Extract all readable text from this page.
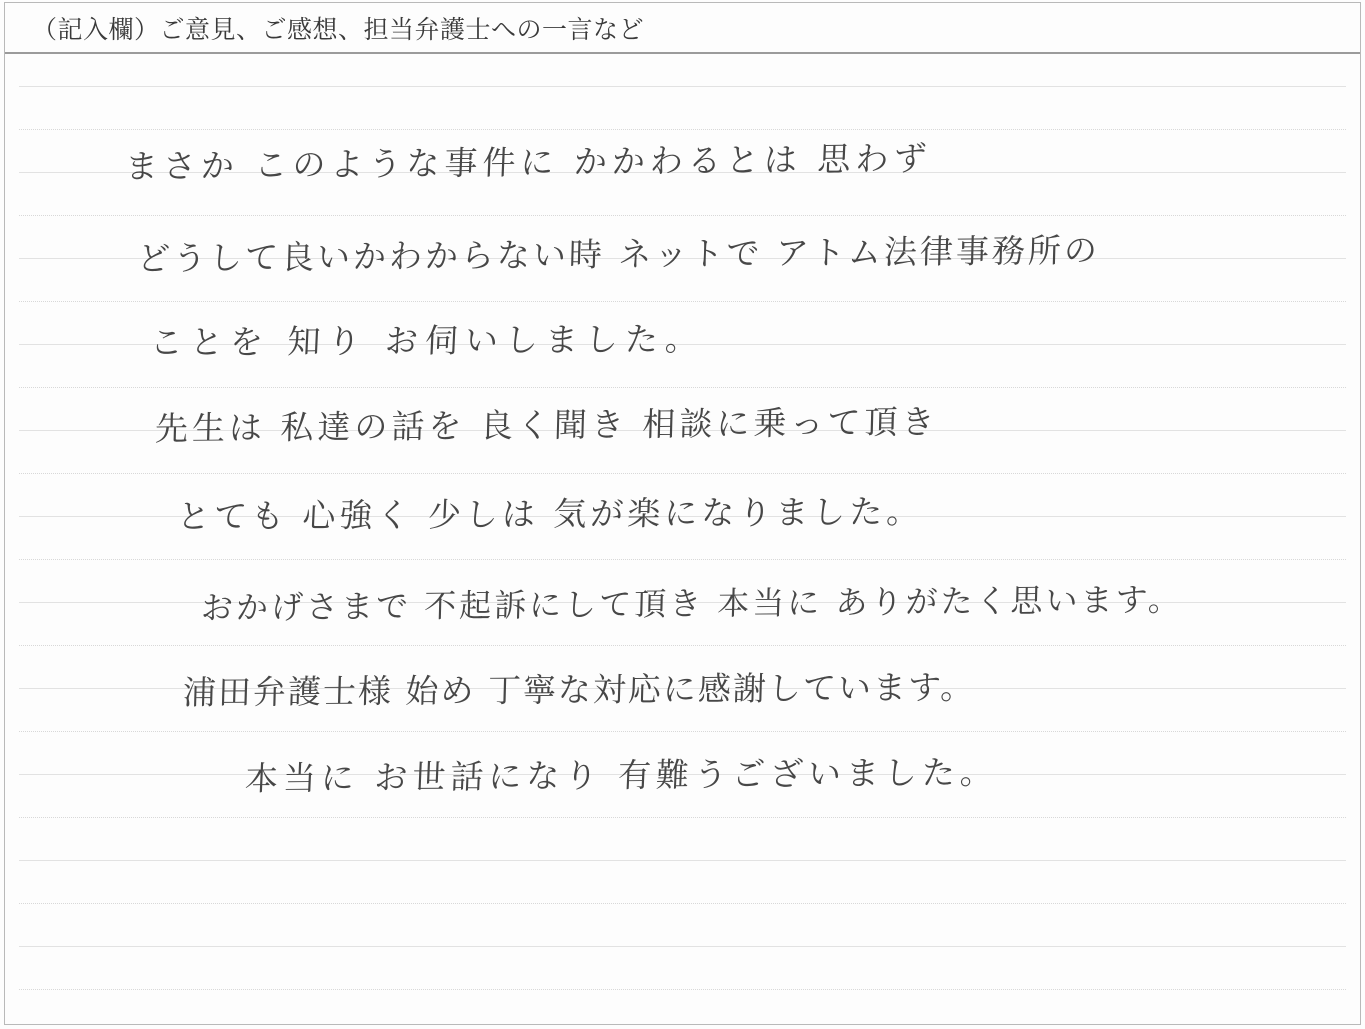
（記入欄）ご意見、ご感想、担当弁護士への一言など
まさか このような事件に かかわるとは 思わず
どうして良いかわからない時 ネットで アトム法律事務所の
ことを 知り お伺いしました。
先生は 私達の話を 良く聞き 相談に乗って頂き
とても 心強く 少しは 気が楽になりました。
おかげさまで 不起訴にして頂き 本当に ありがたく思います。
浦田弁護士様 始め 丁寧な対応に感謝しています。
本当に お世話になり 有難うございました。
